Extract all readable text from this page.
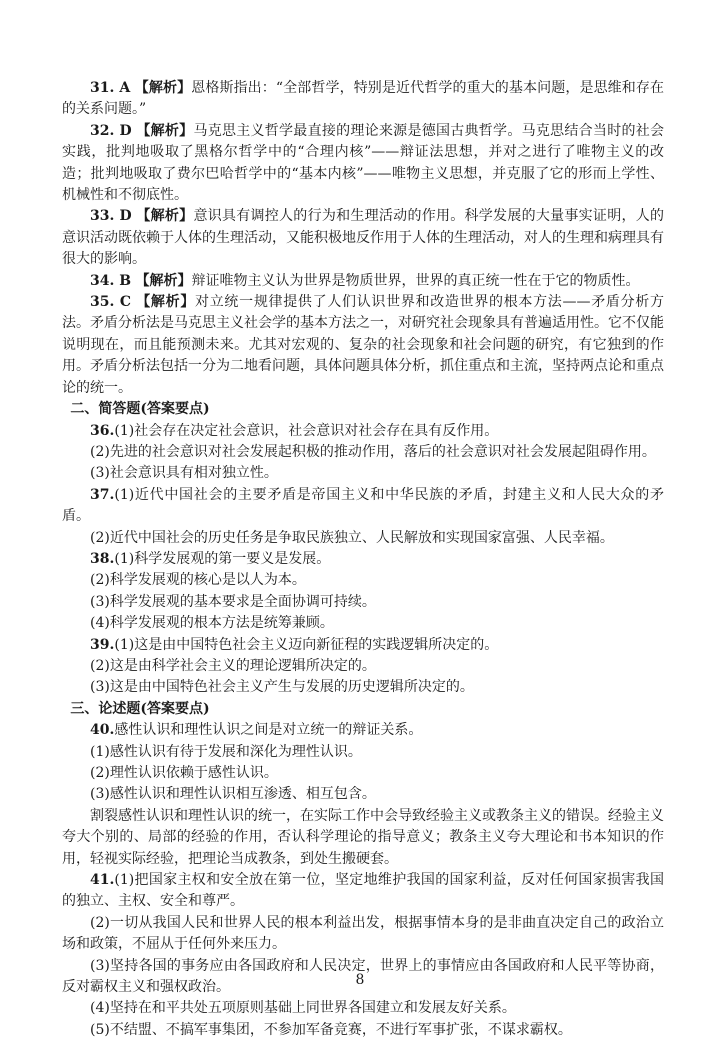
31. A 【解析】恩格斯指出：“全部哲学，特别是近代哲学的重大的基本问题，是思维和存在的关系问题。”

32. D 【解析】马克思主义哲学最直接的理论来源是德国古典哲学。马克思结合当时的社会实践，批判地吸取了黑格尔哲学中的“合理内核”——辩证法思想，并对之进行了唯物主义的改造；批判地吸取了费尔巴哈哲学中的“基本内核”——唯物主义思想，并克服了它的形而上学性、机械性和不彻底性。

33. D 【解析】意识具有调控人的行为和生理活动的作用。科学发展的大量事实证明，人的意识活动既依赖于人体的生理活动，又能积极地反作用于人体的生理活动，对人的生理和病理具有很大的影响。

34. B 【解析】辩证唯物主义认为世界是物质世界，世界的真正统一性在于它的物质性。

35. C 【解析】对立统一规律提供了人们认识世界和改造世界的根本方法——矛盾分析方法。矛盾分析法是马克思主义社会学的基本方法之一，对研究社会现象具有普遍适用性。它不仅能说明现在，而且能预测未来。尤其对宏观的、复杂的社会现象和社会问题的研究，有它独到的作用。矛盾分析法包括一分为二地看问题，具体问题具体分析，抓住重点和主流，坚持两点论和重点论的统一。

二、简答题(答案要点)

36.(1)社会存在决定社会意识，社会意识对社会存在具有反作用。

(2)先进的社会意识对社会发展起积极的推动作用，落后的社会意识对社会发展起阻碍作用。

(3)社会意识具有相对独立性。

37.(1)近代中国社会的主要矛盾是帝国主义和中华民族的矛盾，封建主义和人民大众的矛盾。

(2)近代中国社会的历史任务是争取民族独立、人民解放和实现国家富强、人民幸福。

38.(1)科学发展观的第一要义是发展。

(2)科学发展观的核心是以人为本。

(3)科学发展观的基本要求是全面协调可持续。

(4)科学发展观的根本方法是统筹兼顾。

39.(1)这是由中国特色社会主义迈向新征程的实践逻辑所决定的。

(2)这是由科学社会主义的理论逻辑所决定的。

(3)这是由中国特色社会主义产生与发展的历史逻辑所决定的。

三、论述题(答案要点)

40.感性认识和理性认识之间是对立统一的辩证关系。

(1)感性认识有待于发展和深化为理性认识。

(2)理性认识依赖于感性认识。

(3)感性认识和理性认识相互渗透、相互包含。

割裂感性认识和理性认识的统一，在实际工作中会导致经验主义或教条主义的错误。经验主义夸大个别的、局部的经验的作用，否认科学理论的指导意义；教条主义夸大理论和书本知识的作用，轻视实际经验，把理论当成教条，到处生搬硬套。

41.(1)把国家主权和安全放在第一位，坚定地维护我国的国家利益，反对任何国家损害我国的独立、主权、安全和尊严。

(2)一切从我国人民和世界人民的根本利益出发，根据事情本身的是非曲直决定自己的政治立场和政策，不屈从于任何外来压力。

(3)坚持各国的事务应由各国政府和人民决定，世界上的事情应由各国政府和人民平等协商，反对霸权主义和强权政治。

(4)坚持在和平共处五项原则基础上同世界各国建立和发展友好关系。

(5)不结盟、不搞军事集团，不参加军备竞赛，不进行军事扩张，不谋求霸权。

8
